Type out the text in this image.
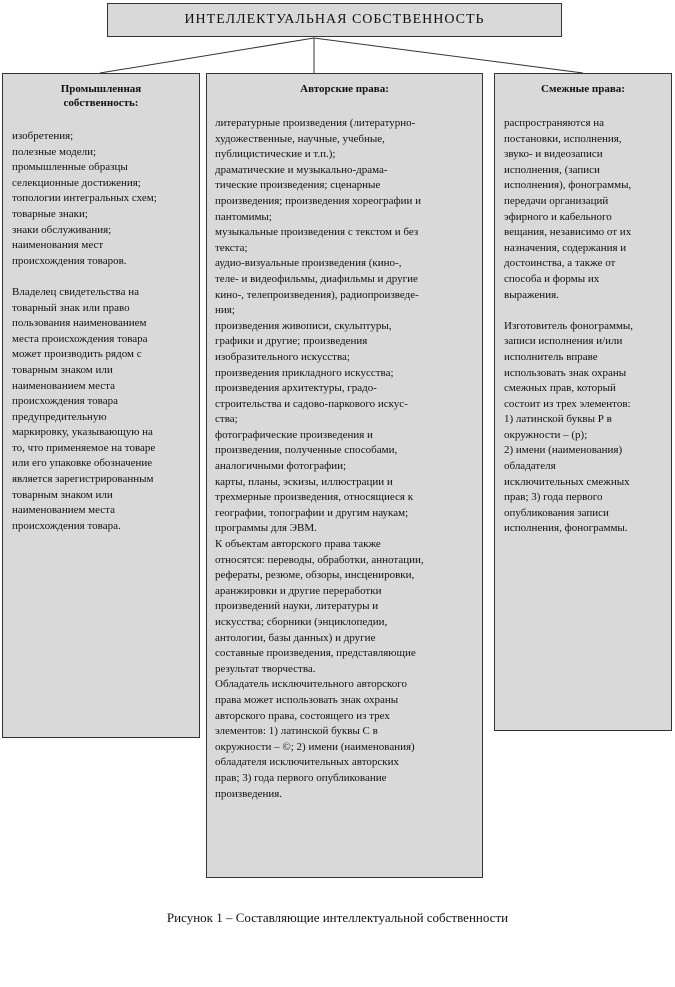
ИНТЕЛЛЕКТУАЛЬНАЯ СОБСТВЕННОСТЬ
Промышленная
собственность:
изобретения;
полезные модели;
промышленные образцы
селекционные достижения;
топологии интегральных схем;
товарные знаки;
знаки обслуживания;
наименования мест
происхождения товаров.

Владелец свидетельства на
товарный знак или право
пользования наименованием
места происхождения товара
может производить рядом с
товарным знаком или
наименованием места
происхождения товара
предупредительную
маркировку, указывающую на
то, что применяемое на товаре
или его упаковке обозначение
является зарегистрированным
товарным знаком или
наименованием места
происхождения товара.
Авторские права:
литературные произведения (литературно-
художественные, научные, учебные,
публицистические и т.п.);
драматические и музыкально-драма-
тические произведения; сценарные
произведения; произведения хореографии и
пантомимы;
музыкальные произведения с текстом и без
текста;
аудио-визуальные произведения (кино-,
теле- и видеофильмы, диафильмы и другие
кино-, телепроизведения), радиопроизведе-
ния;
произведения живописи, скульптуры,
графики и другие; произведения
изобразительного искусства;
произведения прикладного искусства;
произведения архитектуры, градо-
строительства и садово-паркового искус-
ства;
фотографические произведения и
произведения, полученные способами,
аналогичными фотографии;
карты, планы, эскизы, иллюстрации и
трехмерные произведения, относящиеся к
географии, топографии и другим наукам;
программы для ЭВМ.
К объектам авторского права также
относятся: переводы, обработки, аннотации,
рефераты, резюме, обзоры, инсценировки,
аранжировки и другие переработки
произведений науки, литературы и
искусства; сборники (энциклопедии,
антологии, базы данных) и другие
составные произведения, представляющие
результат творчества.
Обладатель исключительного авторского
права может использовать знак охраны
авторского права, состоящего из трех
элементов: 1) латинской буквы С в
окружности – ©; 2) имени (наименования)
обладателя исключительных авторских
прав; 3) года первого опубликование
произведения.
Смежные права:
распространяются на
постановки, исполнения,
звуко- и видеозаписи
исполнения, (записи
исполнения), фонограммы,
передачи организаций
эфирного и кабельного
вещания, независимо от их
назначения, содержания и
достоинства, а также от
способа и формы их
выражения.

Изготовитель фонограммы,
записи исполнения и/или
исполнитель вправе
использовать знак охраны
смежных прав, который
состоит из трех элементов:
1) латинской буквы Р в
окружности – (р);
2) имени (наименования)
обладателя
исключительных смежных
прав; 3) года первого
опубликования записи
исполнения, фонограммы.
Рисунок 1 – Составляющие интеллектуальной собственности
